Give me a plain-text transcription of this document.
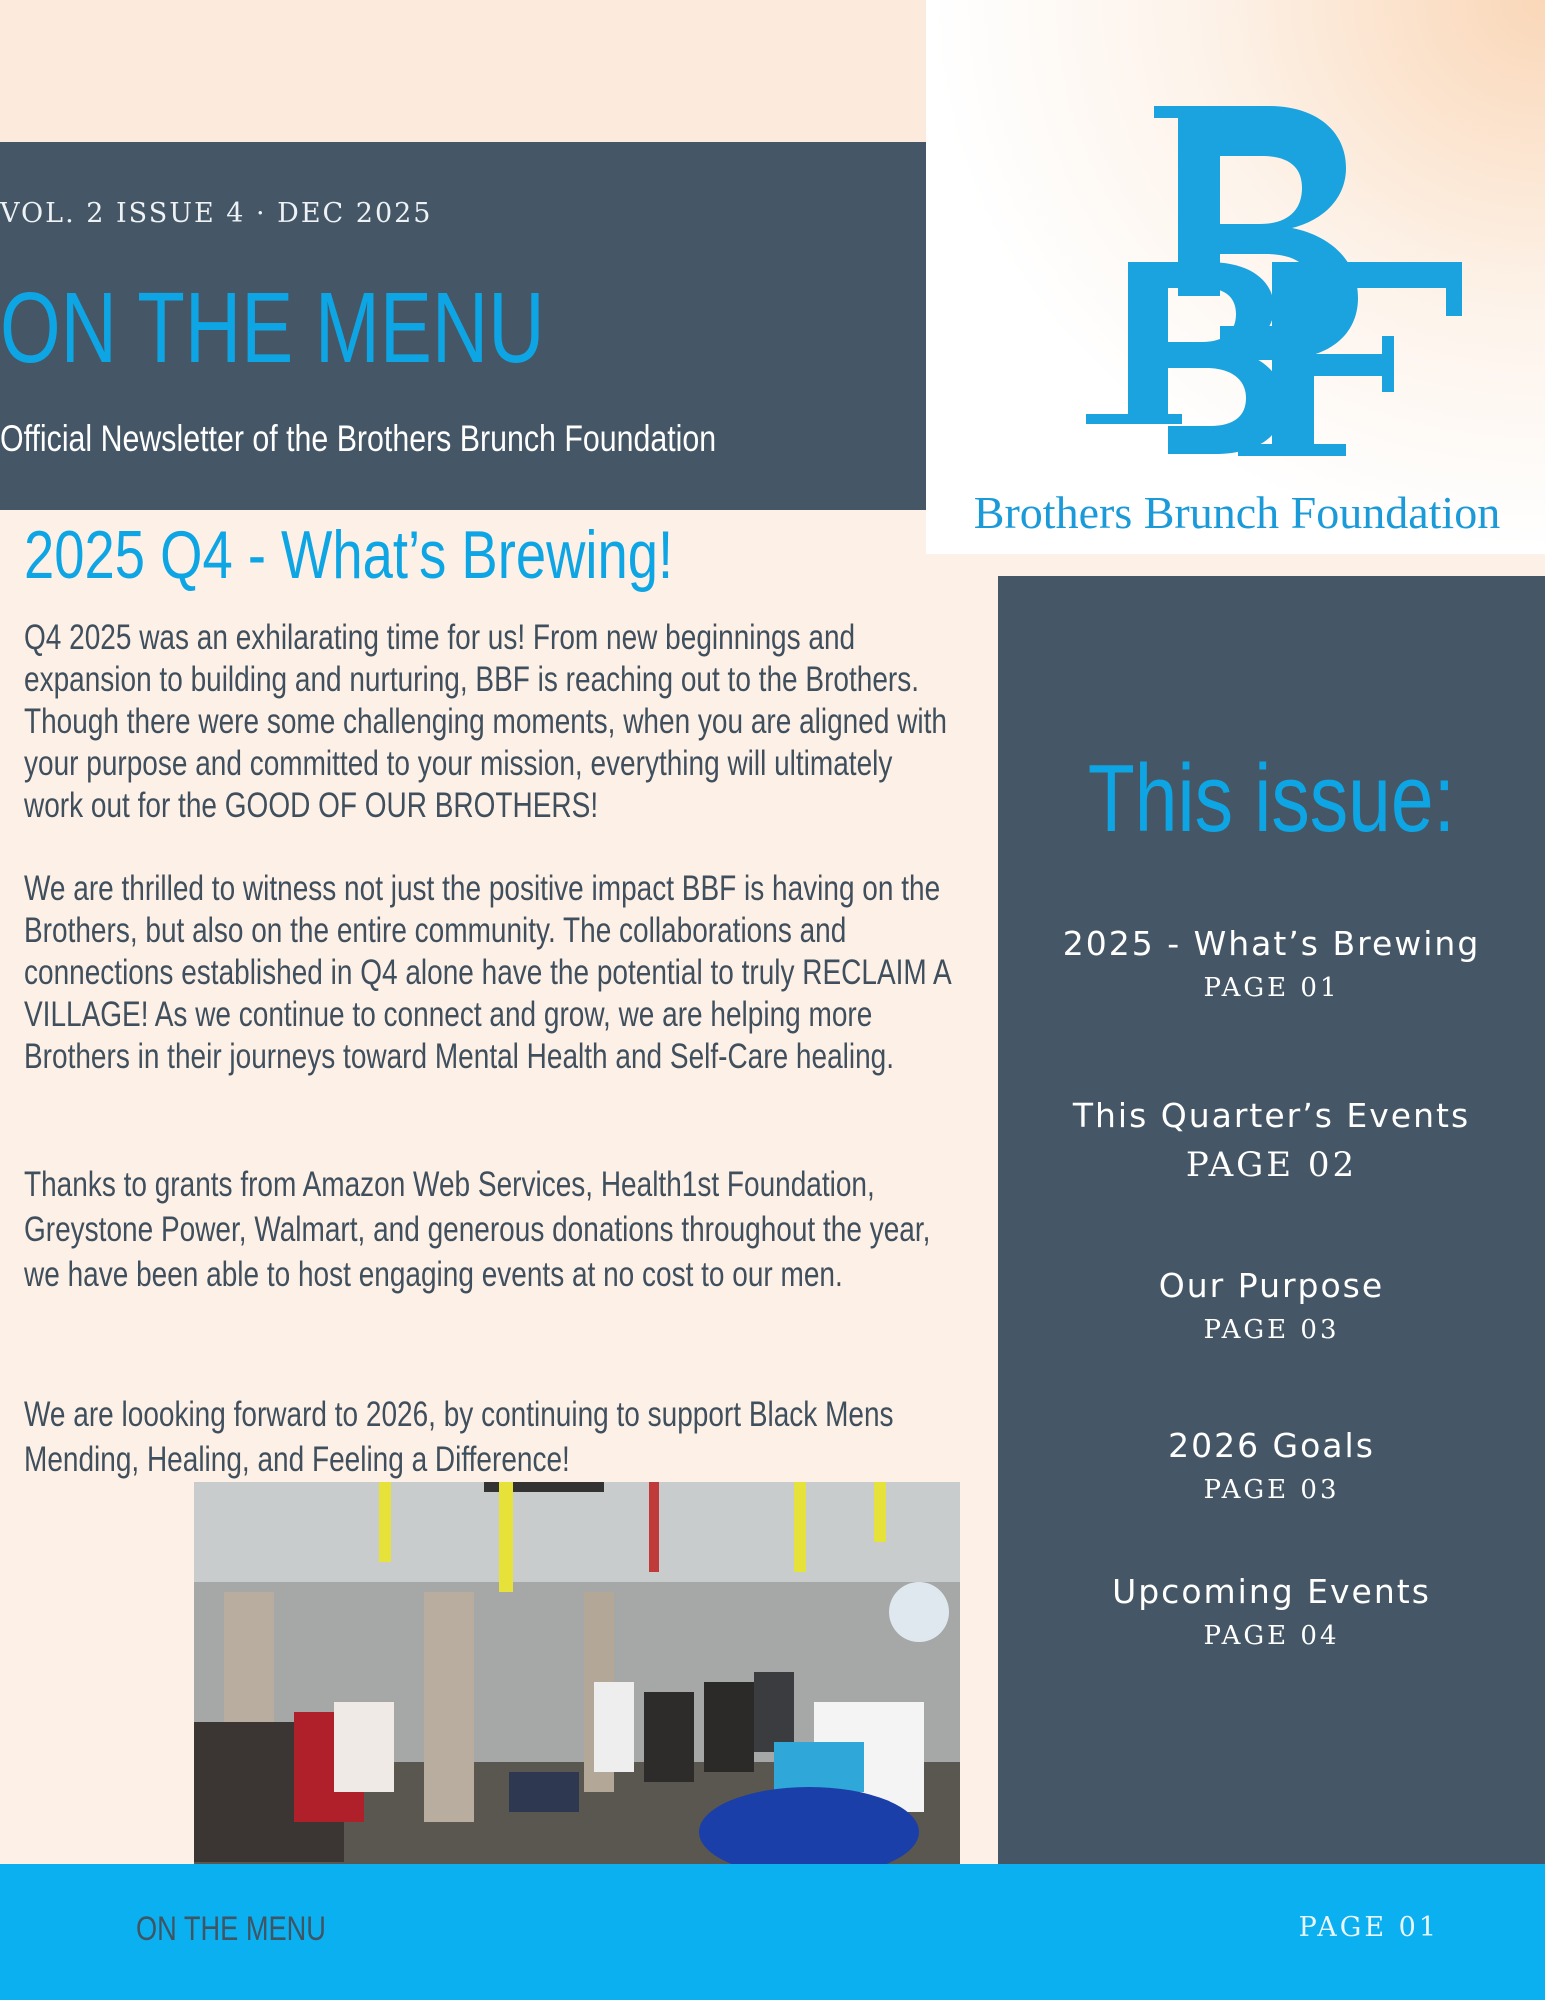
VOL. 2 ISSUE 4 · DEC 2025
ON THE MENU
Official Newsletter of the Brothers Brunch Foundation
Brothers Brunch Foundation
2025 Q4 - What’s Brewing!

Q4 2025 was an exhilarating time for us! From new beginnings and expansion to building and nurturing, BBF is reaching out to the Brothers. Though there were some challenging moments, when you are aligned with your purpose and committed to your mission, everything will ultimately work out for the GOOD OF OUR BROTHERS!

We are thrilled to witness not just the positive impact BBF is having on the Brothers, but also on the entire community. The collaborations and connections established in Q4 alone have the potential to truly RECLAIM A VILLAGE! As we continue to connect and grow, we are helping more Brothers in their journeys toward Mental Health and Self-Care healing.

Thanks to grants from Amazon Web Services, Health1st Foundation, Greystone Power, Walmart, and generous donations throughout the year, we have been able to host engaging events at no cost to our men.

We are loooking forward to 2026, by continuing to support Black Mens Mending, Healing, and Feeling a Difference!

This issue:
2025 - What’s Brewing
PAGE 01
This Quarter’s Events
PAGE 02
Our Purpose
PAGE 03
2026 Goals
PAGE 03
Upcoming Events
PAGE 04
ON THE MENU	PAGE 01
